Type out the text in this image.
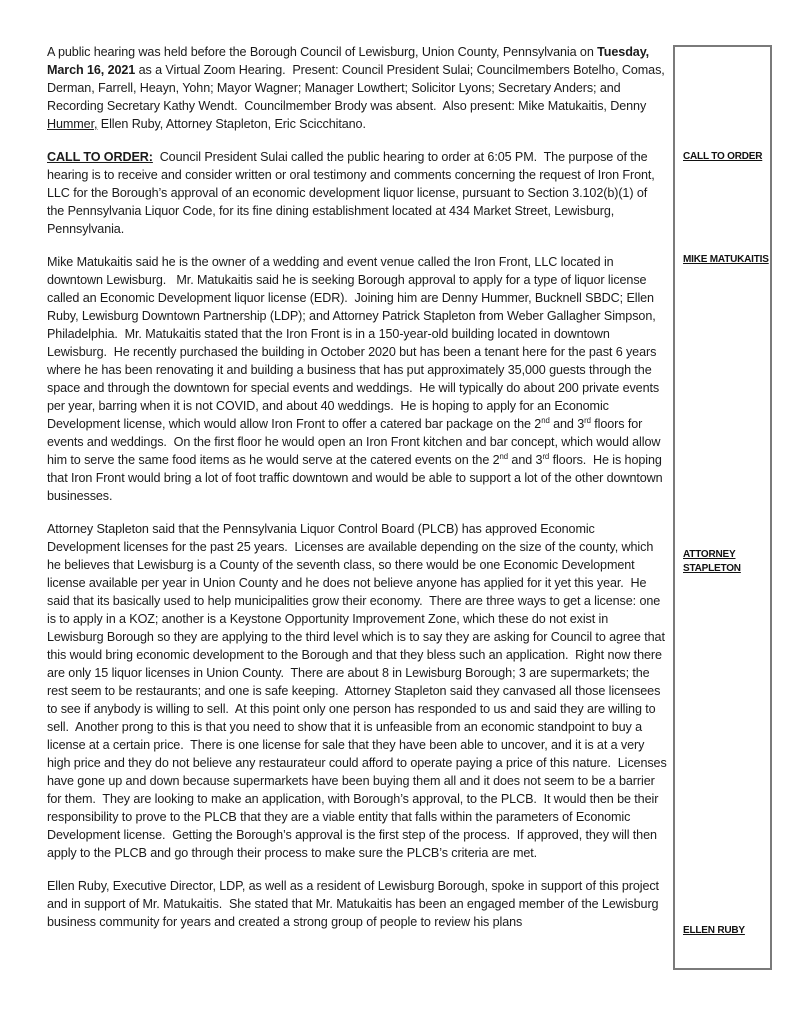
A public hearing was held before the Borough Council of Lewisburg, Union County, Pennsylvania on Tuesday, March 16, 2021 as a Virtual Zoom Hearing.  Present: Council President Sulai; Councilmembers Botelho, Comas, Derman, Farrell, Heayn, Yohn; Mayor Wagner; Manager Lowthert; Solicitor Lyons; Secretary Anders; and Recording Secretary Kathy Wendt.  Councilmember Brody was absent.  Also present: Mike Matukaitis, Denny Hummer, Ellen Ruby, Attorney Stapleton, Eric Scicchitano.

CALL TO ORDER:  Council President Sulai called the public hearing to order at 6:05 PM.  The purpose of the hearing is to receive and consider written or oral testimony and comments concerning the request of Iron Front, LLC for the Borough’s approval of an economic development liquor license, pursuant to Section 3.102(b)(1) of the Pennsylvania Liquor Code, for its fine dining establishment located at 434 Market Street, Lewisburg, Pennsylvania.

Mike Matukaitis said he is the owner of a wedding and event venue called the Iron Front, LLC located in downtown Lewisburg.   Mr. Matukaitis said he is seeking Borough approval to apply for a type of liquor license called an Economic Development liquor license (EDR).  Joining him are Denny Hummer, Bucknell SBDC; Ellen Ruby, Lewisburg Downtown Partnership (LDP); and Attorney Patrick Stapleton from Weber Gallagher Simpson, Philadelphia.  Mr. Matukaitis stated that the Iron Front is in a 150-year-old building located in downtown Lewisburg.  He recently purchased the building in October 2020 but has been a tenant here for the past 6 years where he has been renovating it and building a business that has put approximately 35,000 guests through the space and through the downtown for special events and weddings.  He will typically do about 200 private events per year, barring when it is not COVID, and about 40 weddings.  He is hoping to apply for an Economic Development license, which would allow Iron Front to offer a catered bar package on the 2nd and 3rd floors for events and weddings.  On the first floor he would open an Iron Front kitchen and bar concept, which would allow him to serve the same food items as he would serve at the catered events on the 2nd and 3rd floors.  He is hoping that Iron Front would bring a lot of foot traffic downtown and would be able to support a lot of the other downtown businesses.

Attorney Stapleton said that the Pennsylvania Liquor Control Board (PLCB) has approved Economic Development licenses for the past 25 years.  Licenses are available depending on the size of the county, which he believes that Lewisburg is a County of the seventh class, so there would be one Economic Development license available per year in Union County and he does not believe anyone has applied for it yet this year.  He said that its basically used to help municipalities grow their economy.  There are three ways to get a license: one is to apply in a KOZ; another is a Keystone Opportunity Improvement Zone, which these do not exist in Lewisburg Borough so they are applying to the third level which is to say they are asking for Council to agree that this would bring economic development to the Borough and that they bless such an application.  Right now there are only 15 liquor licenses in Union County.  There are about 8 in Lewisburg Borough; 3 are supermarkets; the rest seem to be restaurants; and one is safe keeping.  Attorney Stapleton said they canvased all those licensees to see if anybody is willing to sell.  At this point only one person has responded to us and said they are willing to sell.  Another prong to this is that you need to show that it is unfeasible from an economic standpoint to buy a license at a certain price.  There is one license for sale that they have been able to uncover, and it is at a very high price and they do not believe any restaurateur could afford to operate paying a price of this nature.  Licenses have gone up and down because supermarkets have been buying them all and it does not seem to be a barrier for them.  They are looking to make an application, with Borough’s approval, to the PLCB.  It would then be their responsibility to prove to the PLCB that they are a viable entity that falls within the parameters of Economic Development license.  Getting the Borough’s approval is the first step of the process.  If approved, they will then apply to the PLCB and go through their process to make sure the PLCB’s criteria are met.

Ellen Ruby, Executive Director, LDP, as well as a resident of Lewisburg Borough, spoke in support of this project and in support of Mr. Matukaitis.  She stated that Mr. Matukaitis has been an engaged member of the Lewisburg business community for years and created a strong group of people to review his plans

CALL TO ORDER
MIKE MATUKAITIS
ATTORNEY STAPLETON
ELLEN RUBY
